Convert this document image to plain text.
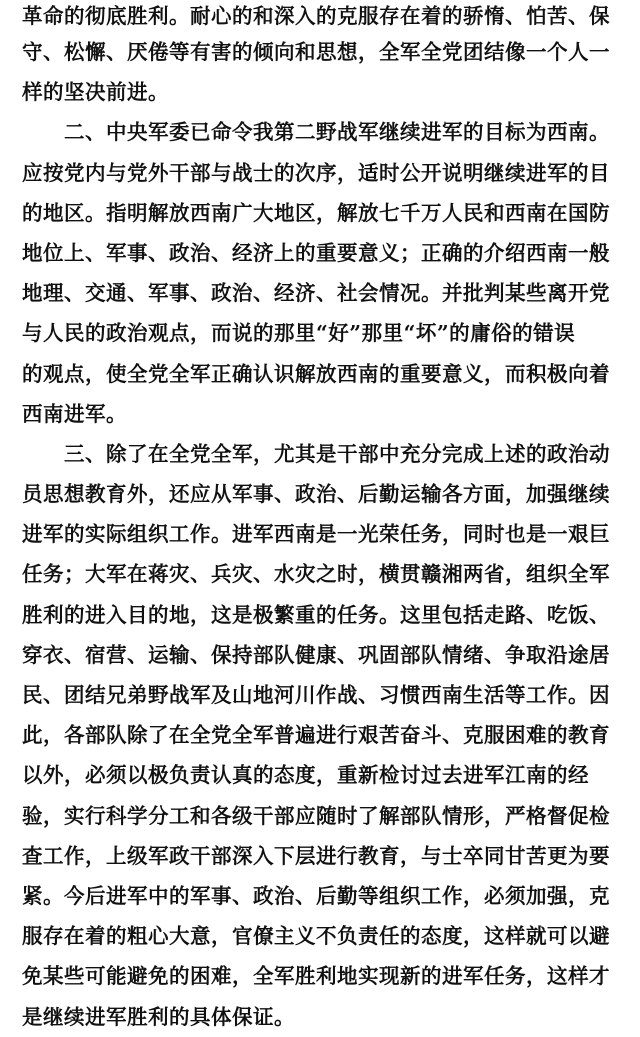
革命的彻底胜利。耐心的和深入的克服存在着的骄惰、怕苦、保
守、松懈、厌倦等有害的倾向和思想，全军全党团结像一个人一
样的坚决前进。
二、中央军委已命令我第二野战军继续进军的目标为西南。
应按党内与党外干部与战士的次序，适时公开说明继续进军的目
的地区。指明解放西南广大地区，解放七千万人民和西南在国防
地位上、军事、政治、经济上的重要意义；正确的介绍西南一般
地理、交通、军事、政治、经济、社会情况。并批判某些离开党
与人民的政治观点，而说的那里“好”那里“坏”的庸俗的错误
的观点，使全党全军正确认识解放西南的重要意义，而积极向着
西南进军。
三、除了在全党全军，尤其是干部中充分完成上述的政治动
员思想教育外，还应从军事、政治、后勤运输各方面，加强继续
进军的实际组织工作。进军西南是一光荣任务，同时也是一艰巨
任务；大军在蒋灾、兵灾、水灾之时，横贯赣湘两省，组织全军
胜利的进入目的地，这是极繁重的任务。这里包括走路、吃饭、
穿衣、宿营、运输、保持部队健康、巩固部队情绪、争取沿途居
民、团结兄弟野战军及山地河川作战、习惯西南生活等工作。因
此，各部队除了在全党全军普遍进行艰苦奋斗、克服困难的教育
以外，必须以极负责认真的态度，重新检讨过去进军江南的经
验，实行科学分工和各级干部应随时了解部队情形，严格督促检
查工作，上级军政干部深入下层进行教育，与士卒同甘苦更为要
紧。今后进军中的军事、政治、后勤等组织工作，必须加强，克
服存在着的粗心大意，官僚主义不负责任的态度，这样就可以避
免某些可能避免的困难，全军胜利地实现新的进军任务，这样才
是继续进军胜利的具体保证。
